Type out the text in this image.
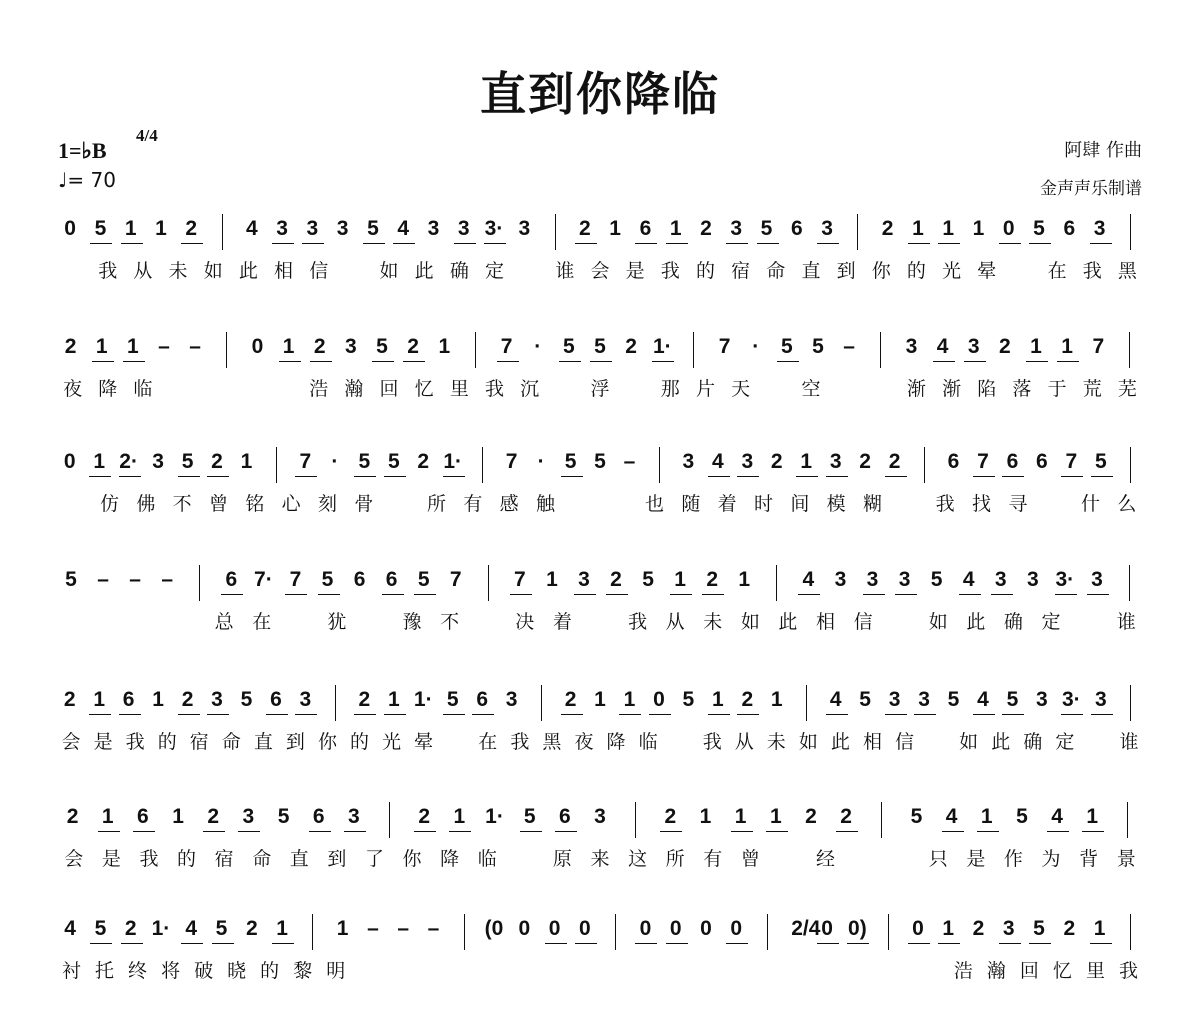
直到你降临
1=♭B
4/4
♩= 70
阿肆 作曲
金声声乐制谱
0 5 1 1 2 4 3 3 3 5 4 3 3 3· 3 2 1 6 1 2 3 5 6 3 2 1 1 1 0 5 6 3
我 从 未 如 此 相 信	如 此 确 定	谁 会 是 我 的 宿 命 直 到 你 的 光 晕	在 我 黑
2 1 1 – – 0 1 2 3 5 2 1 7	·	5 5 2 1· 7	·	5 5 – 3 4 3 2 1 1 7
夜 降 临	浩 瀚 回 忆 里 我 沉	浮	那 片 天	空	渐 渐 陷 落 于 荒 芜
0 1 2· 3 5 2 1 7 · 5 5 2 1· 7 · 5 5 – 3 4 3 2 1 3 2 2 6 7 6 6 7 5
仿 佛 不 曾 铭 心 刻 骨	所 有 感 触	也 随 着 时 间 模 糊	我 找 寻	什 么
5 – – – 6 7· 7 5 6 6 5 7 7 1 3 2 5 1 2 1 4 3 3 3 5 4 3 3 3· 3
总 在	犹	豫 不	决 着	我 从 未 如 此 相 信	如 此 确 定	谁
2 1 6 1 2 3 5 6 3 2 1 1· 5 6 3 2 1 1 0 5 1 2 1 4 5 3 3 5 4 5 3 3· 3
会 是 我 的 宿 命 直 到 你 的 光 晕 在 我 黑 夜 降 临 我 从 未 如 此 相 信 如 此 确 定 谁
2 1 6 1 2 3 5 6 3	2 1 1· 5 6 3	2 1 1 1 2 2	5 4 1 5 4 1
会 是 我 的 宿 命 直 到 了 你 降 临	原 来 这 所 有 曾	经	只 是 作 为 背 景
4 5 2 1· 4 5 2 1 1 – – – (0 0 0 0 0 0 0 0 2/4 0 0) 0 1 2 3 5 2 1
衬 托 终 将 破 晓 的 黎 明	浩 瀚 回 忆 里 我
